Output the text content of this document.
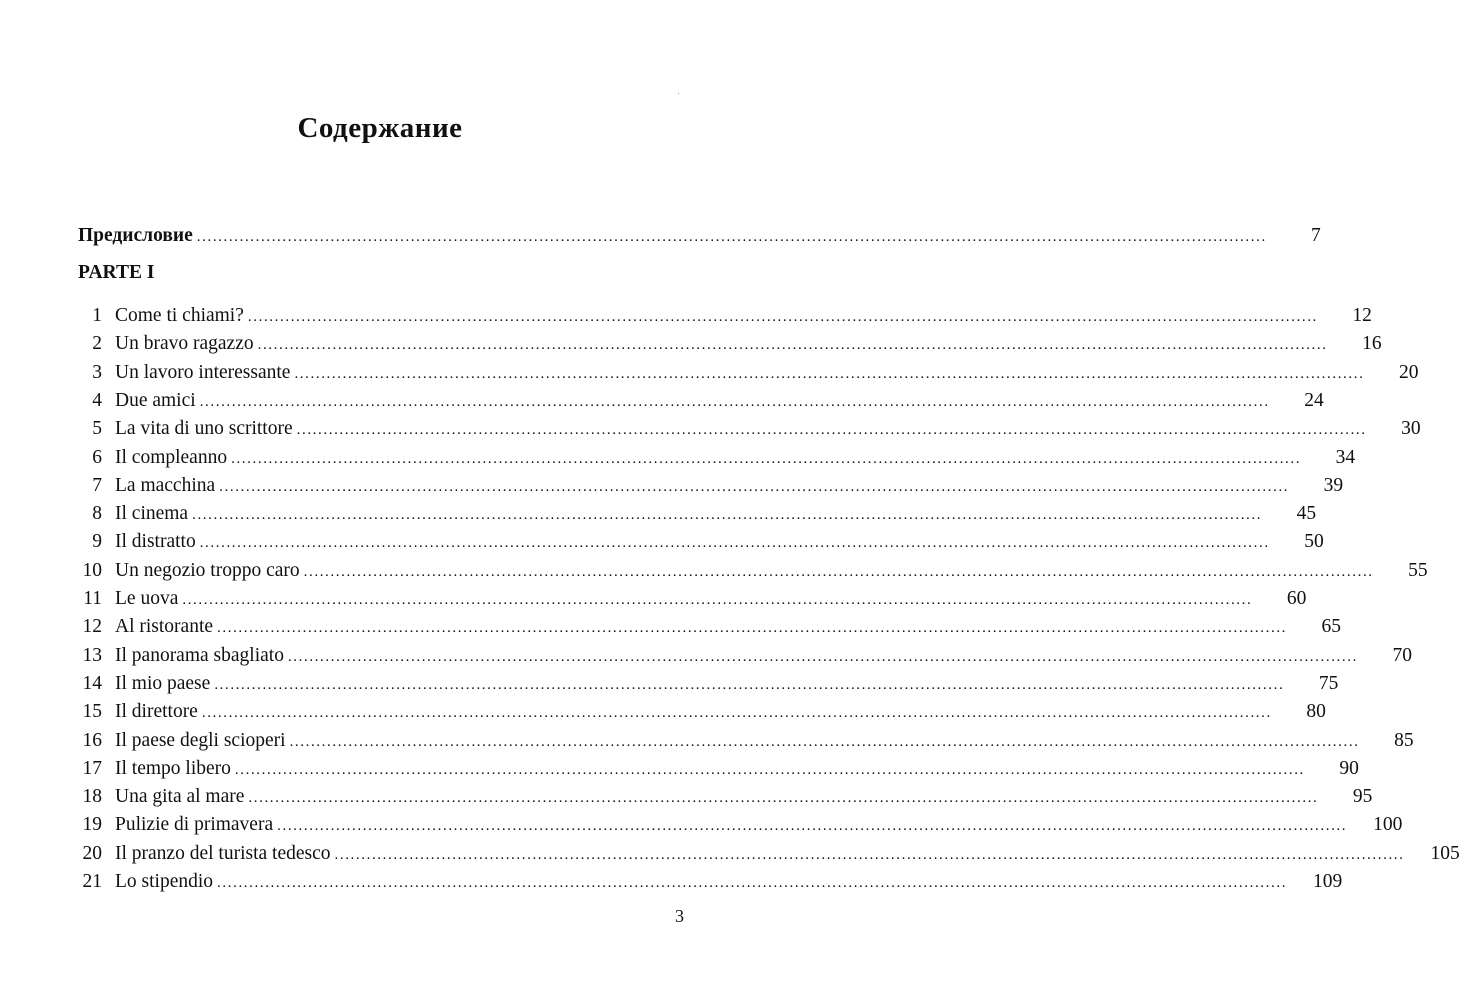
Содержание
Предисловие ........................................................................................................................................................................................................	7
PARTE I
1 Come ti chiami? ........................................................................................................................................................................................................	12
2 Un bravo ragazzo ........................................................................................................................................................................................................	16
3 Un lavoro interessante ........................................................................................................................................................................................................	20
4 Due amici ........................................................................................................................................................................................................	24
5 La vita di uno scrittore ........................................................................................................................................................................................................	30
6 Il compleanno ........................................................................................................................................................................................................	34
7 La macchina ........................................................................................................................................................................................................	39
8 Il cinema ........................................................................................................................................................................................................	45
9 Il distratto ........................................................................................................................................................................................................	50
10 Un negozio troppo caro ........................................................................................................................................................................................................	55
11 Le uova ........................................................................................................................................................................................................	60
12 Al ristorante ........................................................................................................................................................................................................	65
13 Il panorama sbagliato ........................................................................................................................................................................................................	70
14 Il mio paese ........................................................................................................................................................................................................	75
15 Il direttore ........................................................................................................................................................................................................	80
16 Il paese degli scioperi ........................................................................................................................................................................................................	85
17 Il tempo libero ........................................................................................................................................................................................................	90
18 Una gita al mare ........................................................................................................................................................................................................	95
19 Pulizie di primavera ........................................................................................................................................................................................................ 100
20 Il pranzo del turista tedesco ........................................................................................................................................................................................................ 105
21 Lo stipendio ........................................................................................................................................................................................................ 109
3
